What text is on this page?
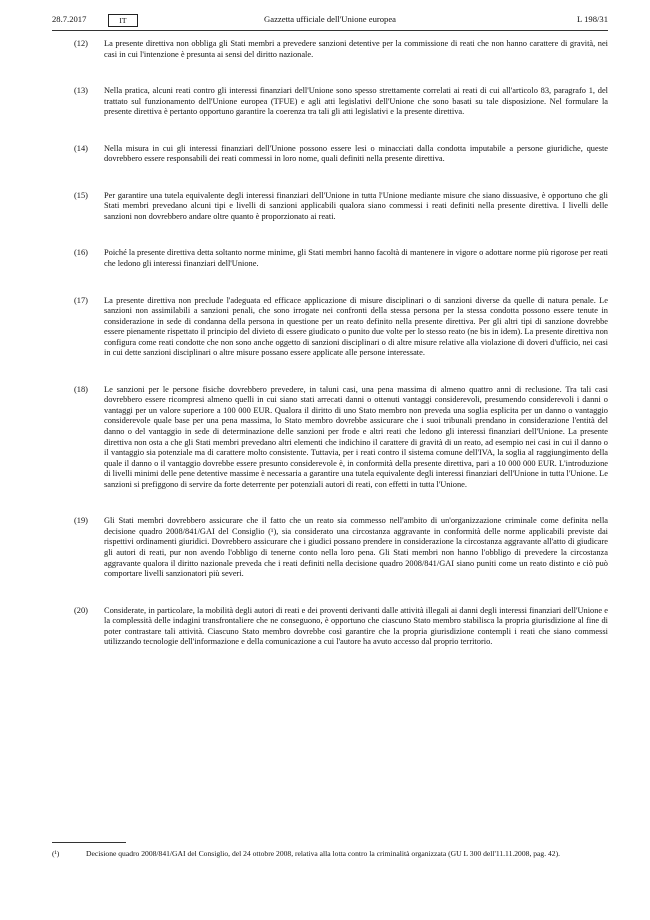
28.7.2017	IT	Gazzetta ufficiale dell'Unione europea	L 198/31
(12) La presente direttiva non obbliga gli Stati membri a prevedere sanzioni detentive per la commissione di reati che non hanno carattere di gravità, nei casi in cui l'intenzione è presunta ai sensi del diritto nazionale.
(13) Nella pratica, alcuni reati contro gli interessi finanziari dell'Unione sono spesso strettamente correlati ai reati di cui all'articolo 83, paragrafo 1, del trattato sul funzionamento dell'Unione europea (TFUE) e agli atti legislativi dell'Unione che sono basati su tale disposizione. Nel formulare la presente direttiva è pertanto opportuno garantire la coerenza tra tali gli atti legislativi e la presente direttiva.
(14) Nella misura in cui gli interessi finanziari dell'Unione possono essere lesi o minacciati dalla condotta imputabile a persone giuridiche, queste dovrebbero essere responsabili dei reati commessi in loro nome, quali definiti nella presente direttiva.
(15) Per garantire una tutela equivalente degli interessi finanziari dell'Unione in tutta l'Unione mediante misure che siano dissuasive, è opportuno che gli Stati membri prevedano alcuni tipi e livelli di sanzioni applicabili qualora siano commessi i reati definiti nella presente direttiva. I livelli delle sanzioni non dovrebbero andare oltre quanto è proporzionato ai reati.
(16) Poiché la presente direttiva detta soltanto norme minime, gli Stati membri hanno facoltà di mantenere in vigore o adottare norme più rigorose per reati che ledono gli interessi finanziari dell'Unione.
(17) La presente direttiva non preclude l'adeguata ed efficace applicazione di misure disciplinari o di sanzioni diverse da quelle di natura penale. Le sanzioni non assimilabili a sanzioni penali, che sono irrogate nei confronti della stessa persona per la stessa condotta possono essere tenute in considerazione in sede di condanna della persona in questione per un reato definito nella presente direttiva. Per gli altri tipi di sanzione dovrebbe essere pienamente rispettato il principio del divieto di essere giudicato o punito due volte per lo stesso reato (ne bis in idem). La presente direttiva non configura come reati condotte che non sono anche oggetto di sanzioni disciplinari o di altre misure relative alla violazione di doveri d'ufficio, nei casi in cui dette sanzioni disciplinari o altre misure possano essere applicate alle persone interessate.
(18) Le sanzioni per le persone fisiche dovrebbero prevedere, in taluni casi, una pena massima di almeno quattro anni di reclusione. Tra tali casi dovrebbero essere ricompresi almeno quelli in cui siano stati arrecati danni o ottenuti vantaggi considerevoli, presumendo considerevoli i danni o vantaggi per un valore superiore a 100 000 EUR. Qualora il diritto di uno Stato membro non preveda una soglia esplicita per un danno o vantaggio considerevole quale base per una pena massima, lo Stato membro dovrebbe assicurare che i suoi tribunali prendano in considerazione l'entità del danno o del vantaggio in sede di determinazione delle sanzioni per frode e altri reati che ledono gli interessi finanziari dell'Unione. La presente direttiva non osta a che gli Stati membri prevedano altri elementi che indichino il carattere di gravità di un reato, ad esempio nei casi in cui il danno o il vantaggio sia potenziale ma di carattere molto consistente. Tuttavia, per i reati contro il sistema comune dell'IVA, la soglia al raggiungimento della quale il danno o il vantaggio dovrebbe essere presunto considerevole è, in conformità della presente direttiva, pari a 10 000 000 EUR. L'introduzione di livelli minimi delle pene detentive massime è necessaria a garantire una tutela equivalente degli interessi finanziari dell'Unione in tutta l'Unione. Le sanzioni si prefiggono di servire da forte deterrente per potenziali autori di reati, con effetti in tutta l'Unione.
(19) Gli Stati membri dovrebbero assicurare che il fatto che un reato sia commesso nell'ambito di un'organizzazione criminale come definita nella decisione quadro 2008/841/GAI del Consiglio (¹), sia considerato una circostanza aggravante in conformità delle norme applicabili previste dai rispettivi ordinamenti giuridici. Dovrebbero assicurare che i giudici possano prendere in considerazione la circostanza aggravante all'atto di giudicare gli autori di reati, pur non avendo l'obbligo di tenerne conto nella loro pena. Gli Stati membri non hanno l'obbligo di prevedere la circostanza aggravante qualora il diritto nazionale preveda che i reati definiti nella decisione quadro 2008/841/GAI siano puniti come un reato distinto e ciò può comportare livelli sanzionatori più severi.
(20) Considerate, in particolare, la mobilità degli autori di reati e dei proventi derivanti dalle attività illegali ai danni degli interessi finanziari dell'Unione e la complessità delle indagini transfrontaliere che ne conseguono, è opportuno che ciascuno Stato membro stabilisca la propria giurisdizione al fine di poter contrastare tali attività. Ciascuno Stato membro dovrebbe così garantire che la propria giurisdizione contempli i reati che siano commessi utilizzando tecnologie dell'informazione e della comunicazione a cui l'autore ha avuto accesso dal proprio territorio.
(¹)	Decisione quadro 2008/841/GAI del Consiglio, del 24 ottobre 2008, relativa alla lotta contro la criminalità organizzata (GU L 300 dell'11.11.2008, pag. 42).
